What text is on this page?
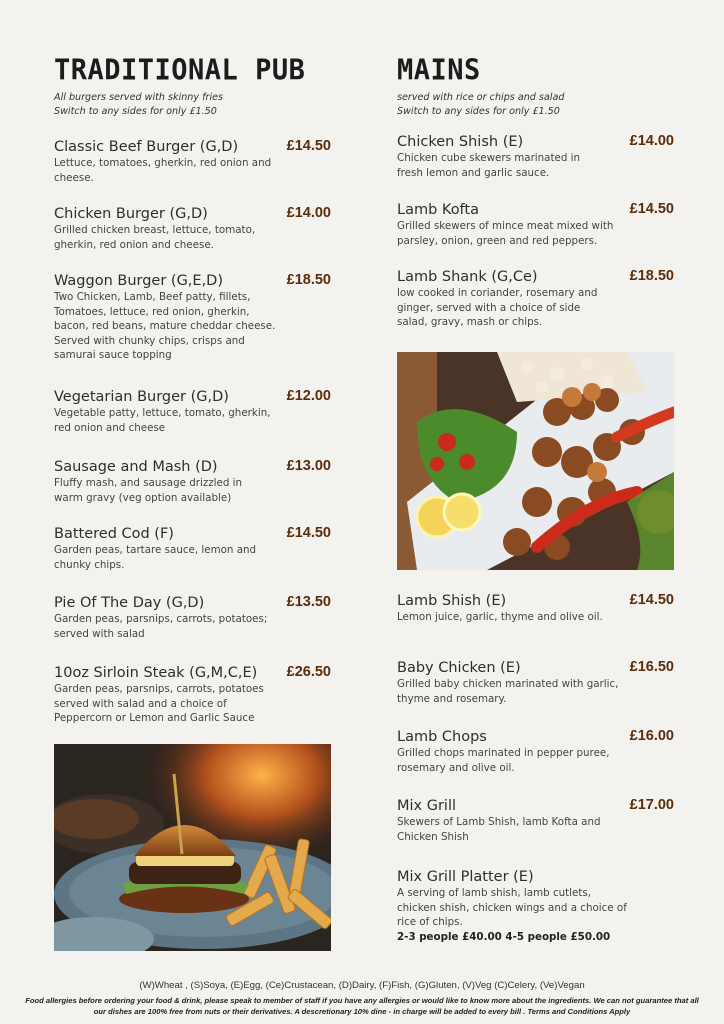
TRADITIONAL PUB

All burgers served with skinny fries

Switch to any sides for only £1.50

Classic Beef Burger (G,D)	£14.50
Lettuce, tomatoes, gherkin, red onion and cheese.
Chicken Burger (G,D)	£14.00
Grilled chicken breast, lettuce, tomato, gherkin, red onion and cheese.
Waggon Burger (G,E,D)	£18.50
Two Chicken, Lamb, Beef patty, fillets, Tomatoes, lettuce, red onion, gherkin, bacon, red beans, mature cheddar cheese. Served with chunky chips, crisps and samurai sauce topping
Vegetarian Burger (G,D)	£12.00
Vegetable patty, lettuce, tomato, gherkin, red onion and cheese
Sausage and Mash (D)	£13.00
Fluffy mash, and sausage drizzled in warm gravy (veg option available)
Battered Cod (F)	£14.50
Garden peas, tartare sauce, lemon and chunky chips.
Pie Of The Day (G,D)	£13.50
Garden peas, parsnips, carrots, potatoes; served with salad
10oz Sirloin Steak (G,M,C,E)	£26.50
Garden peas, parsnips, carrots, potatoes served with salad and a choice of Peppercorn or Lemon and Garlic Sauce
MAINS

served with rice or chips and salad

Switch to any sides for only £1.50

Chicken Shish (E)	£14.00
Chicken cube skewers marinated in fresh lemon and garlic sauce.
Lamb Kofta	£14.50
Grilled skewers of mince meat mixed with parsley, onion, green and red peppers.
Lamb Shank (G,Ce)	£18.50
low cooked in coriander, rosemary and ginger, served with a choice of side salad, gravy, mash or chips.
Lamb Shish (E)	£14.50
Lemon juice, garlic, thyme and olive oil.
Baby Chicken (E)	£16.50
Grilled baby chicken marinated with garlic, thyme and rosemary.
Lamb Chops	£16.00
Grilled chops marinated in pepper puree, rosemary and olive oil.
Mix Grill	£17.00
Skewers of Lamb Shish, lamb Kofta and Chicken Shish
Mix Grill Platter (E)
A serving of lamb shish, lamb cutlets, chicken shish, chicken wings and a choice of rice of chips.
2-3 people £40.00 4-5 people £50.00
(W)Wheat , (S)Soya, (E)Egg, (Ce)Crustacean, (D)Dairy, (F)Fish, (G)Gluten, (V)Veg (C)Celery, (Ve)Vegan
Food allergies before ordering your food & drink, please speak to member of staff if you have any allergies or would like to know more about the ingredients. We can not guarantee that all our dishes are 100% free from nuts or their derivatives. A descretionary 10% dine - in charge will be added to every bill . Terms and Conditions Apply
